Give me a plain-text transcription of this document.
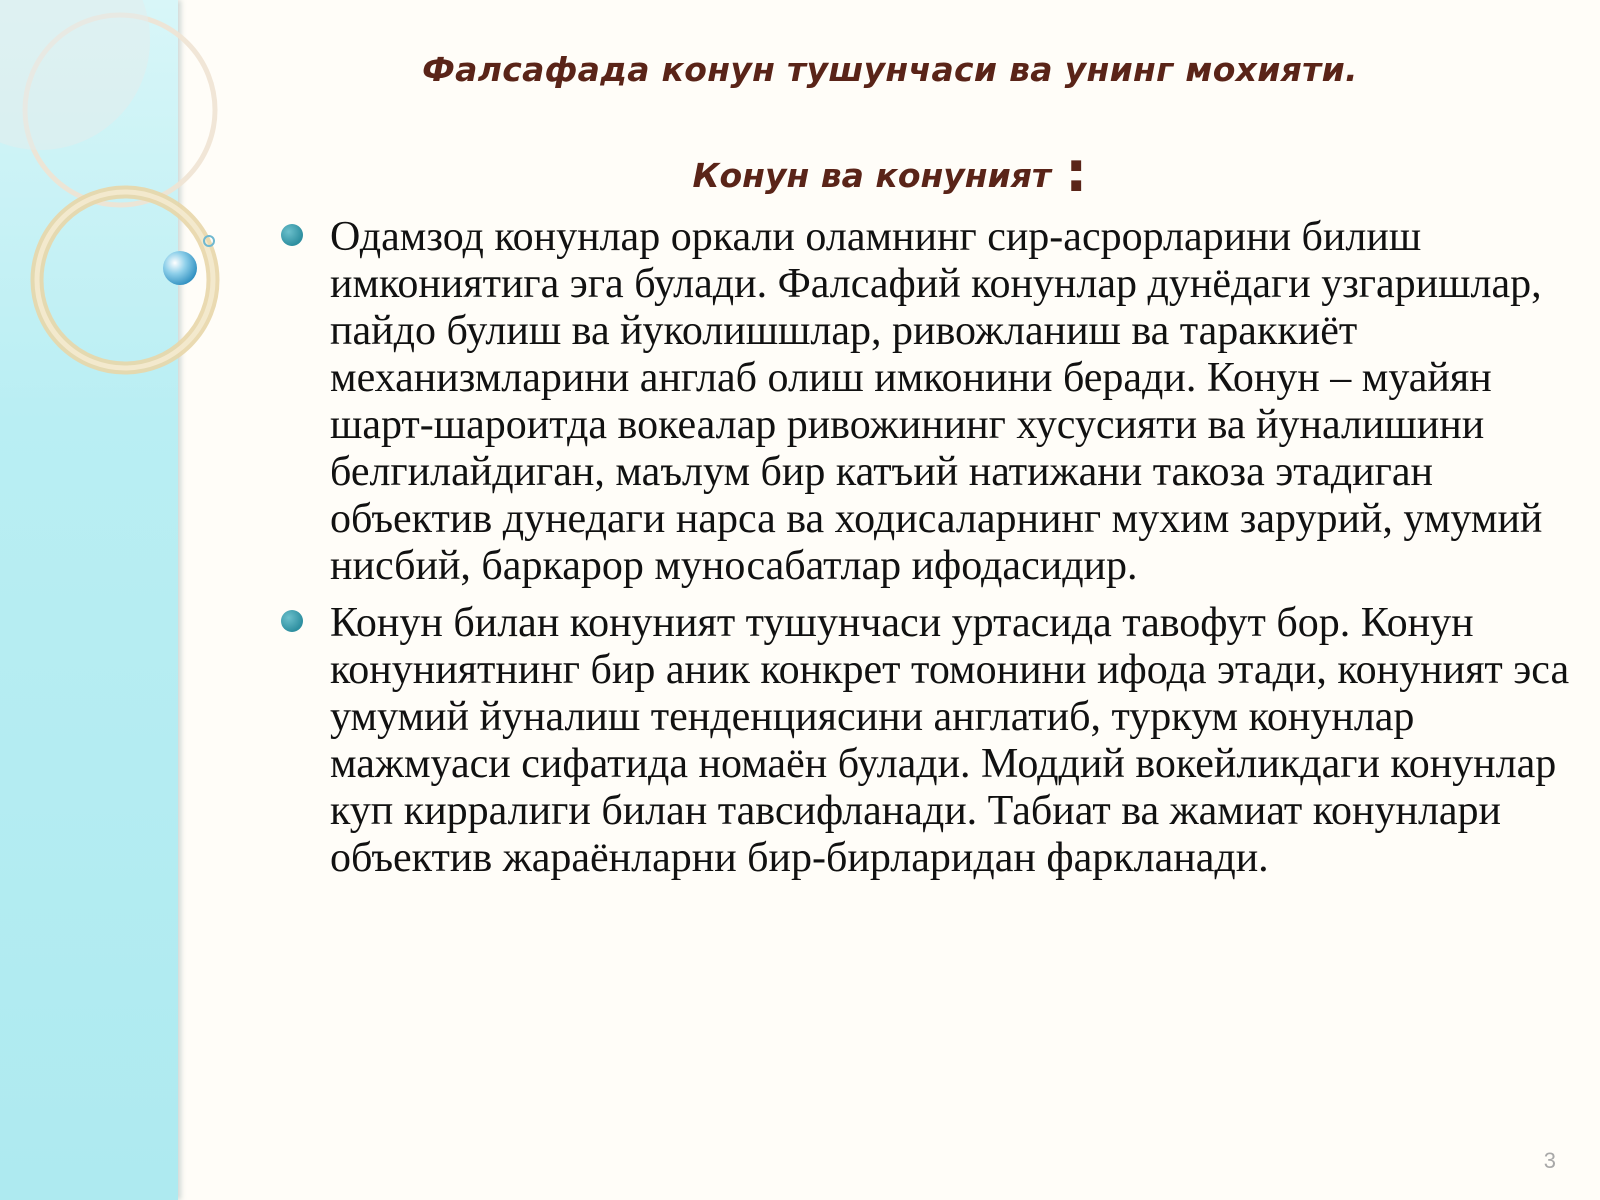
Фалсафада конун тушунчаси ва унинг мохияти.
Конун ва конуният :
Одамзод конунлар оркали оламнинг сир-асрорларини билиш имкониятига эга булади. Фалсафий конунлар дунёдаги узгаришлар, пайдо булиш ва йуколишшлар, ривожланиш ва тараккиёт механизмларини англаб олиш имконини беради. Конун – муайян шарт-шароитда вокеалар ривожининг хусусияти ва йуналишини белгилайдиган, маълум бир катъий натижани такоза этадиган объектив дунедаги нарса ва ходисаларнинг мухим зарурий, умумий нисбий, баркарор муносабатлар ифодасидир.
Конун билан конуният тушунчаси уртасида тавофут бор. Конун конуниятнинг бир аник конкрет томонини ифода этади, конуният эса умумий йуналиш тенденциясини англатиб, туркум конунлар мажмуаси сифатида номаён булади. Моддий вокейликдаги конунлар куп кирралиги билан тавсифланади. Табиат ва жамиат конунлари объектив жараёнларни бир-бирларидан фаркланади.
3
